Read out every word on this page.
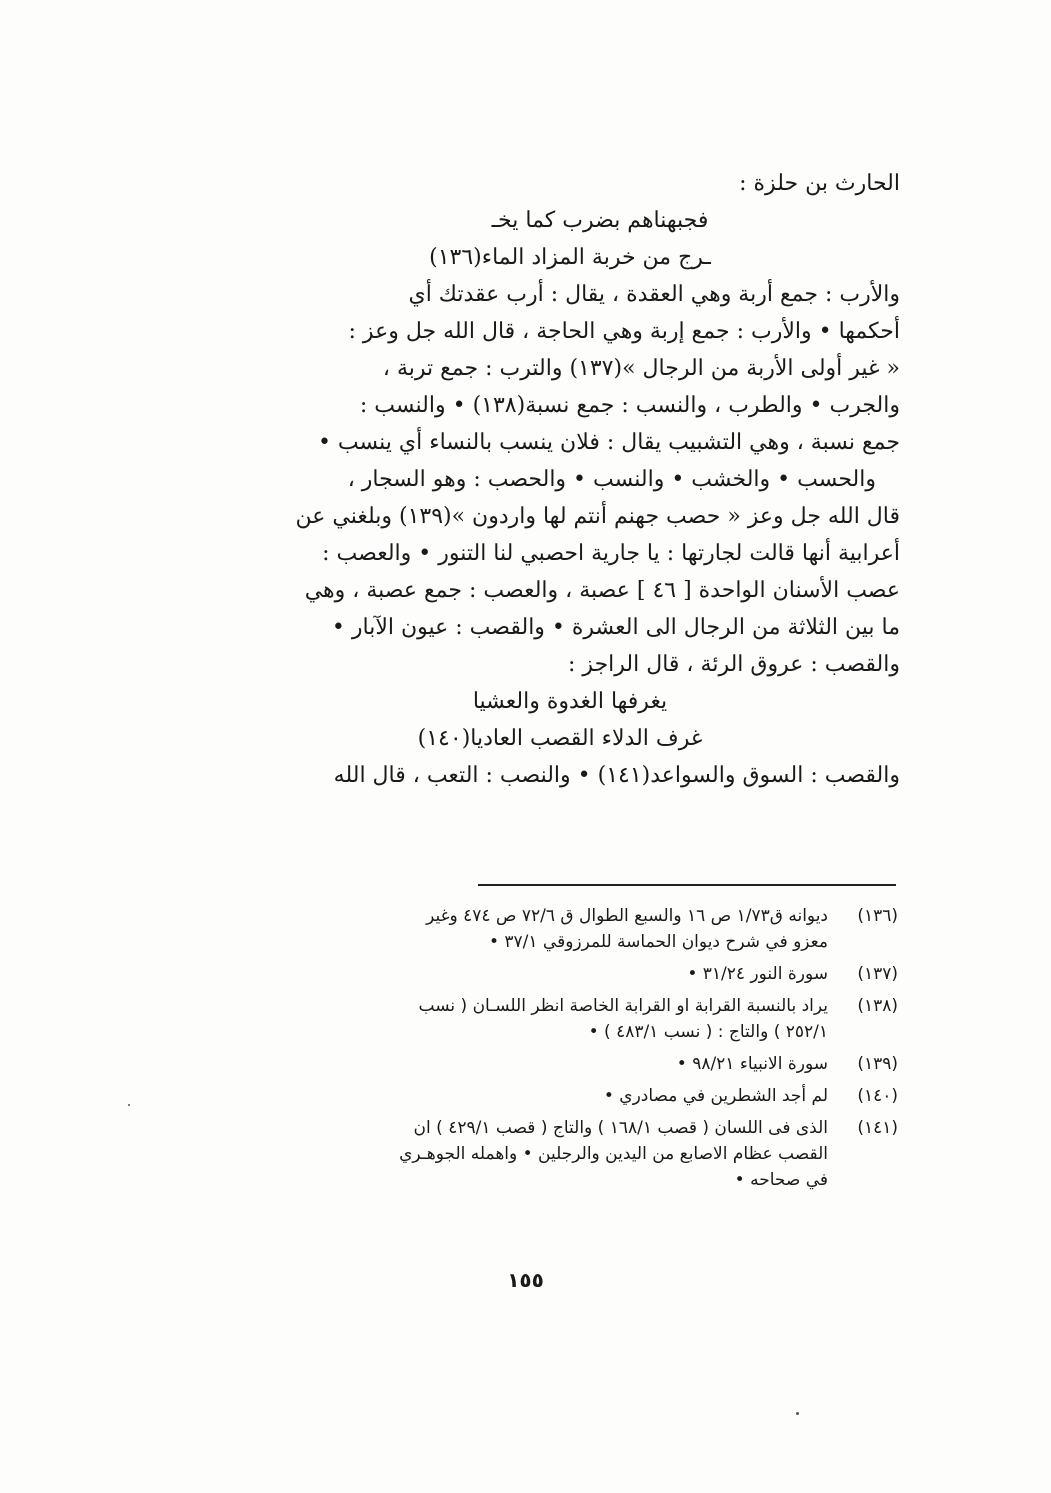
الحارث بن حلزة :
فجبهناهم بضرب كما يخـ
ـرج من خربة المزاد الماء(١٣٦)
والأرب : جمع أربة وهي العقدة ، يقال : أرب عقدتك أي
أحكمها • والأرب : جمع إربة وهي الحاجة ، قال الله جل وعز :
« غير أولى الأربة من الرجال »(١٣٧) والترب : جمع تربة ،
والجرب • والطرب ، والنسب : جمع نسبة(١٣٨) • والنسب :
جمع نسبة ، وهي التشبيب يقال : فلان ينسب بالنساء أي ينسب •
والحسب • والخشب • والنسب • والحصب : وهو السجار ،
قال الله جل وعز « حصب جهنم أنتم لها واردون »(١٣٩) وبلغني عن
أعرابية أنها قالت لجارتها : يا جارية احصبي لنا التنور • والعصب :
عصب الأسنان الواحدة [ ٤٦ ] عصبة ، والعصب : جمع عصبة ، وهي
ما بين الثلاثة من الرجال الى العشرة • والقصب : عيون الآبار •
والقصب : عروق الرئة ، قال الراجز :
يغرفها الغدوة والعشيا
غرف الدلاء القصب العاديا(١٤٠)
والقصب : السوق والسواعد(١٤١) • والنصب : التعب ، قال الله
(١٣٦)
ديوانه ق١/٧٣ ص ١٦ والسبع الطوال ق ٧٢/٦ ص ٤٧٤ وغير
معزو في شرح ديوان الحماسة للمرزوقي ٣٧/١ •
(١٣٧)
سورة النور ٣١/٢٤ •
(١٣٨)
يراد بالنسبة القرابة او القرابة الخاصة انظر اللسـان ( نسب
٢٥٢/١ ) والتاج : ( نسب ٤٨٣/١ ) •
(١٣٩)
سورة الانبياء ٩٨/٢١ •
(١٤٠)
لم أجد الشطرين في مصادري •
(١٤١)
الذى فى اللسان ( قصب ١٦٨/١ ) والتاج ( قصب ٤٢٩/١ ) ان
القصب عظام الاصابع من اليدين والرجلين • واهمله الجوهـري
في صحاحه •
١٥٥
